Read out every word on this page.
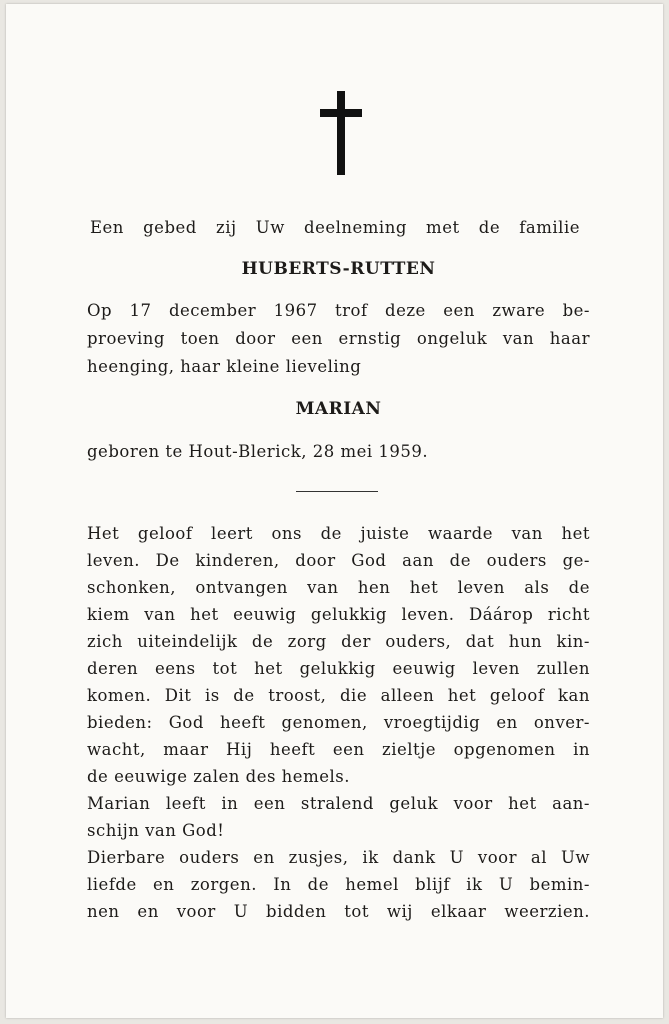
Een gebed zij Uw deelneming met de familie
HUBERTS-RUTTEN
Op 17 december 1967 trof deze een zware be-
proeving toen door een ernstig ongeluk van haar
heenging, haar kleine lieveling
MARIAN
geboren te Hout-Blerick, 28 mei 1959.
Het geloof leert ons de juiste waarde van het
leven. De kinderen, door God aan de ouders ge-
schonken, ontvangen van hen het leven als de
kiem van het eeuwig gelukkig leven. Dáárop richt
zich uiteindelijk de zorg der ouders, dat hun kin-
deren eens tot het gelukkig eeuwig leven zullen
komen. Dit is de troost, die alleen het geloof kan
bieden: God heeft genomen, vroegtijdig en onver-
wacht, maar Hij heeft een zieltje opgenomen in
de eeuwige zalen des hemels.
Marian leeft in een stralend geluk voor het aan-
schijn van God!
Dierbare ouders en zusjes, ik dank U voor al Uw
liefde en zorgen. In de hemel blijf ik U bemin-
nen en voor U bidden tot wij elkaar weerzien.
